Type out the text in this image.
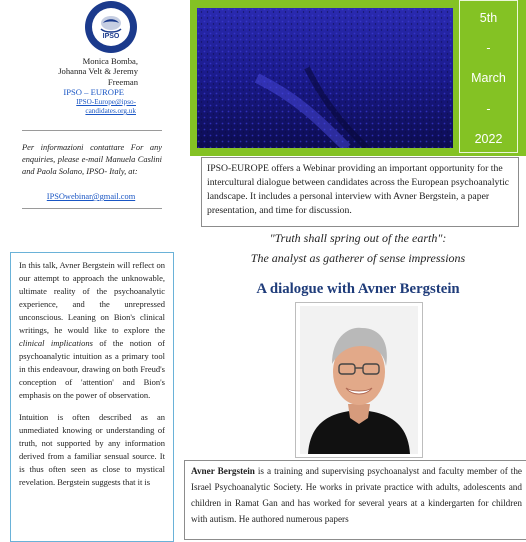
IPSO
Monica Bomba,
Johanna Velt & Jeremy
Freeman
IPSO – EUROPE
IPSO-Europe@ipso-candidates.org.uk
Per informazioni contattare For any enquiries, please e-mail Manuela Caslini and Paola Solano, IPSO- Italy, at:
IPSOwebinar@gmail.com

In this talk, Avner Bergstein will reflect on our attempt to approach the unknowable, ultimate reality of the psychoanalytic experience, and the unrepressed unconscious. Leaning on Bion's clinical writings, he would like to explore the clinical implications of the notion of psychoanalytic intuition as a primary tool in this endeavour, drawing on both Freud's conception of 'attention' and Bion's emphasis on the power of observation.

Intuition is often described as an unmediated knowing or understanding of truth, not supported by any information derived from a familiar sensual source. It is thus often seen as close to mystical revelation. Bergstein suggests that it is

5th
-
March
-
2022
IPSO-EUROPE offers a Webinar providing an important opportunity for the intercultural dialogue between candidates across the European psychoanalytic landscape. It includes a personal interview with Avner Bergstein, a paper presentation, and time for discussion.
"Truth shall spring out of the earth":
The analyst as gatherer of sense impressions
A dialogue with Avner Bergstein
Avner Bergstein is a training and supervising psychoanalyst and faculty member of the Israel Psychoanalytic Society. He works in private practice with adults, adolescents and children in Ramat Gan and has worked for several years at a kindergarten for children with autism. He authored numerous papers
